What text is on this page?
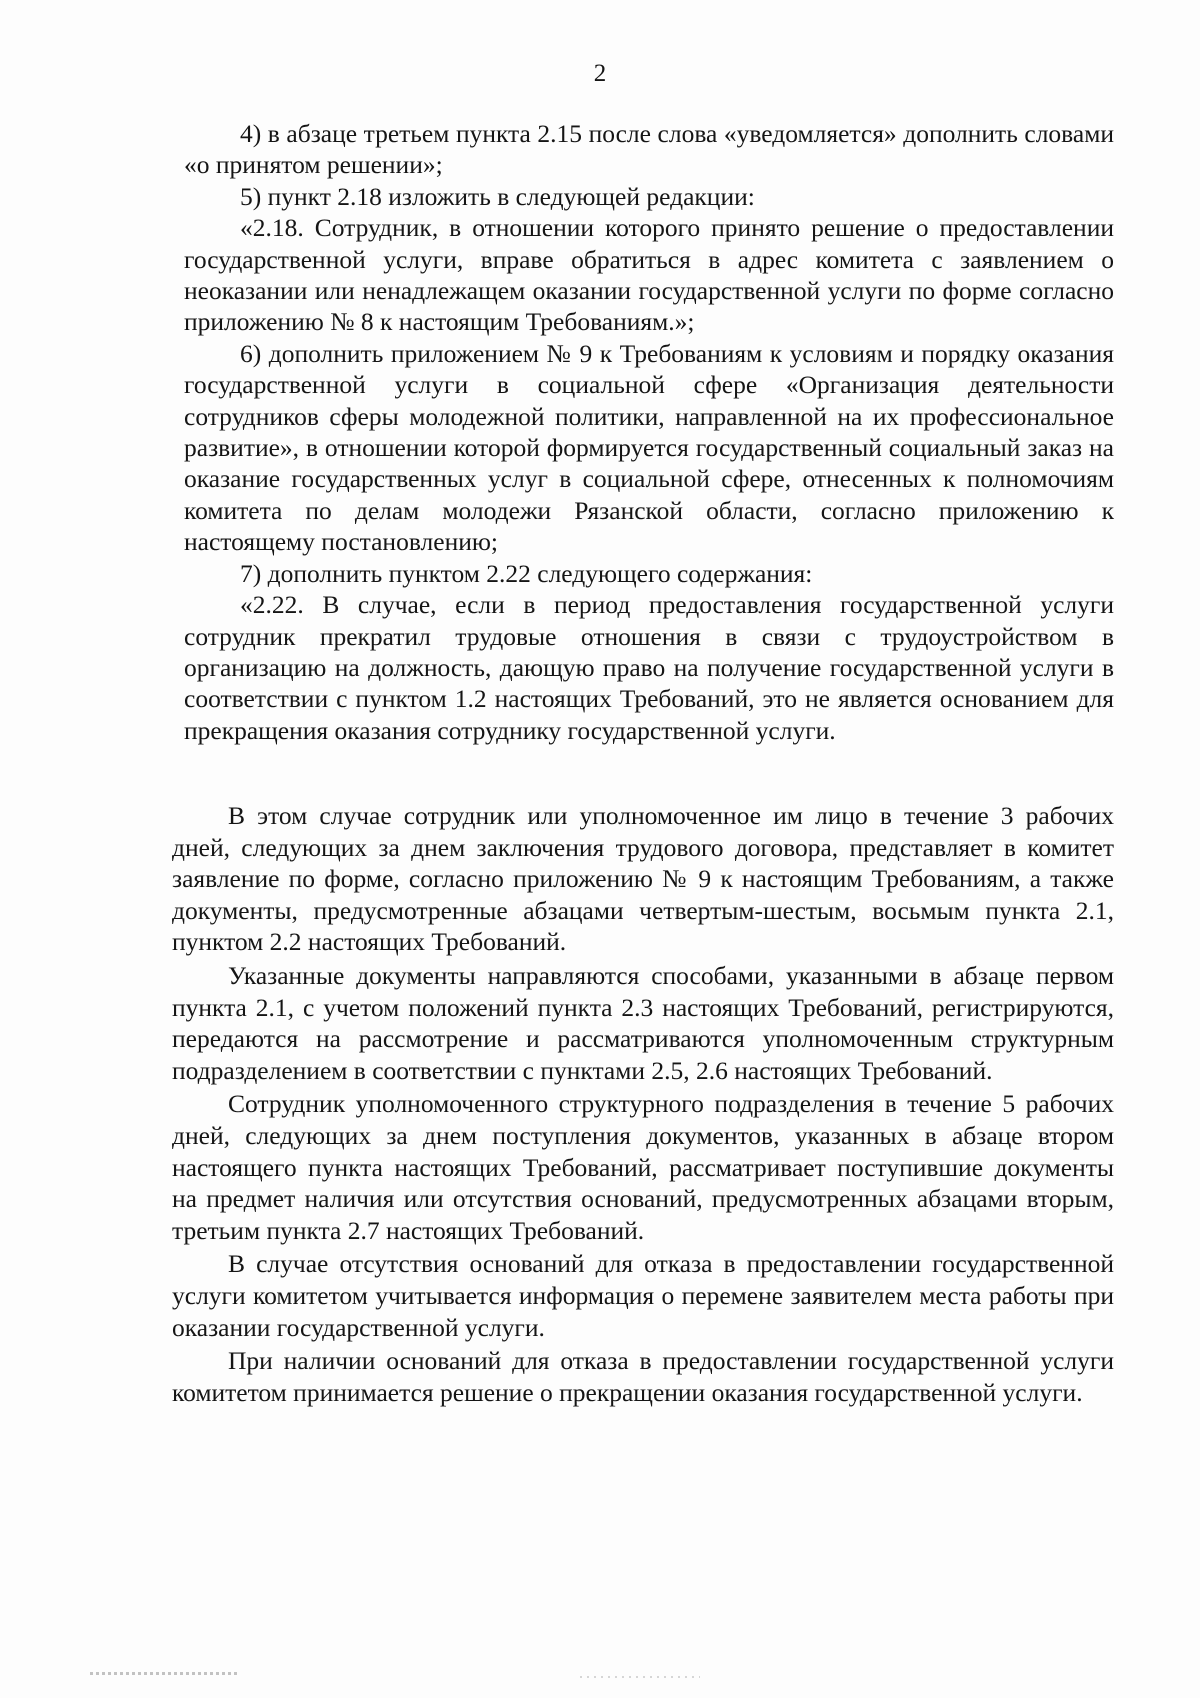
2

4) в абзаце третьем пункта 2.15 после слова «уведомляется» дополнить словами «о принятом решении»;

5) пункт 2.18 изложить в следующей редакции:

«2.18. Сотрудник, в отношении которого принято решение о предоставлении государственной услуги, вправе обратиться в адрес комитета с заявлением о неоказании или ненадлежащем оказании государственной услуги по форме согласно приложению № 8 к настоящим Требованиям.»;

6) дополнить приложением № 9 к Требованиям к условиям и порядку оказания государственной услуги в социальной сфере «Организация деятельности сотрудников сферы молодежной политики, направленной на их профессиональное развитие», в отношении которой формируется государственный социальный заказ на оказание государственных услуг в социальной сфере, отнесенных к полномочиям комитета по делам молодежи Рязанской области, согласно приложению к настоящему постановлению;

7) дополнить пунктом 2.22 следующего содержания:

«2.22. В случае, если в период предоставления государственной услуги сотрудник прекратил трудовые отношения в связи с трудоустройством в организацию на должность, дающую право на получение государственной услуги в соответствии с пунктом 1.2 настоящих Требований, это не является основанием для прекращения оказания сотруднику государственной услуги.

В этом случае сотрудник или уполномоченное им лицо в течение 3 рабочих дней, следующих за днем заключения трудового договора, представляет в комитет заявление по форме, согласно приложению № 9 к настоящим Требованиям, а также документы, предусмотренные абзацами четвертым-шестым, восьмым пункта 2.1, пунктом 2.2 настоящих Требований.

Указанные документы направляются способами, указанными в абзаце первом пункта 2.1, с учетом положений пункта 2.3 настоящих Требований, регистрируются, передаются на рассмотрение и рассматриваются уполномоченным структурным подразделением в соответствии с пунктами 2.5, 2.6 настоящих Требований.

Сотрудник уполномоченного структурного подразделения в течение 5 рабочих дней, следующих за днем поступления документов, указанных в абзаце втором настоящего пункта настоящих Требований, рассматривает поступившие документы на предмет наличия или отсутствия оснований, предусмотренных абзацами вторым, третьим пункта 2.7 настоящих Требований.

В случае отсутствия оснований для отказа в предоставлении государственной услуги комитетом учитывается информация о перемене заявителем места работы при оказании государственной услуги.

При наличии оснований для отказа в предоставлении государственной услуги комитетом принимается решение о прекращении оказания государственной услуги.
